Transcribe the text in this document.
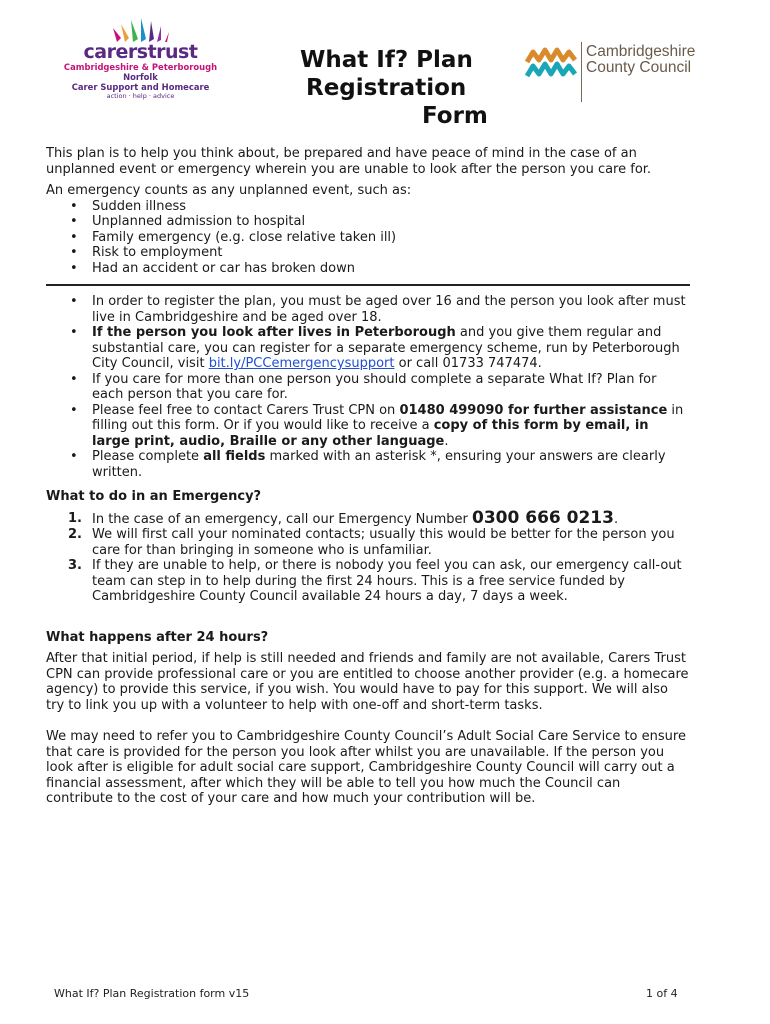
carerstrust
Cambridgeshire & Peterborough
Norfolk
Carer Support and Homecare
action · help · advice
What If? Plan
Registration
Form
Cambridgeshire
County Council

This plan is to help you think about, be prepared and have peace of mind in the case of an unplanned event or emergency wherein you are unable to look after the person you care for.

An emergency counts as any unplanned event, such as:

• Sudden illness
• Unplanned admission to hospital
• Family emergency (e.g. close relative taken ill)
• Risk to employment
• Had an accident or car has broken down
• In order to register the plan, you must be aged over 16 and the person you look after must live in Cambridgeshire and be aged over 18.
• If the person you look after lives in Peterborough and you give them regular and substantial care, you can register for a separate emergency scheme, run by Peterborough City Council, visit bit.ly/PCCemergencysupport or call 01733 747474.
• If you care for more than one person you should complete a separate What If? Plan for each person that you care for.
• Please feel free to contact Carers Trust CPN on 01480 499090 for further assistance in filling out this form. Or if you would like to receive a copy of this form by email, in large print, audio, Braille or any other language.
• Please complete all fields marked with an asterisk *, ensuring your answers are clearly written.
What to do in an Emergency?
1. In the case of an emergency, call our Emergency Number 0300 666 0213.
2. We will first call your nominated contacts; usually this would be better for the person you care for than bringing in someone who is unfamiliar.
3. If they are unable to help, or there is nobody you feel you can ask, our emergency call-out team can step in to help during the first 24 hours. This is a free service funded by Cambridgeshire County Council available 24 hours a day, 7 days a week.
What happens after 24 hours?

After that initial period, if help is still needed and friends and family are not available, Carers Trust CPN can provide professional care or you are entitled to choose another provider (e.g. a homecare agency) to provide this service, if you wish. You would have to pay for this support. We will also try to link you up with a volunteer to help with one-off and short-term tasks.

We may need to refer you to Cambridgeshire County Council’s Adult Social Care Service to ensure that care is provided for the person you look after whilst you are unavailable. If the person you look after is eligible for adult social care support, Cambridgeshire County Council will carry out a financial assessment, after which they will be able to tell you how much the Council can contribute to the cost of your care and how much your contribution will be.

What If? Plan Registration form v15	1 of 4
